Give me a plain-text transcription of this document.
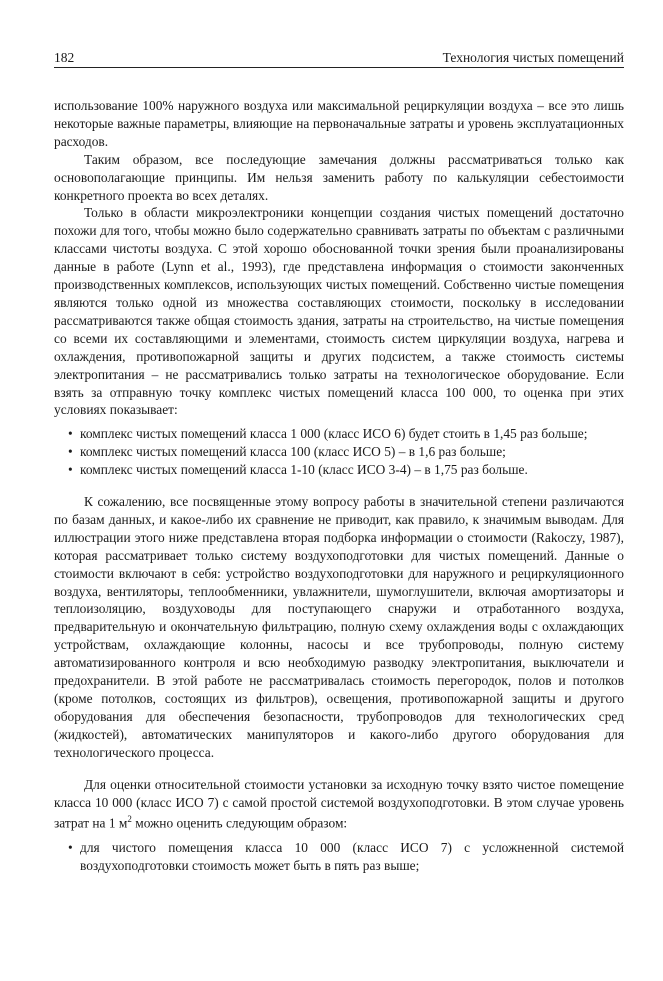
182	Технология чистых помещений

использование 100% наружного воздуха или максимальной рециркуляции воздуха – все это лишь некоторые важные параметры, влияющие на первоначальные затраты и уровень эксплуатационных расходов.

Таким образом, все последующие замечания должны рассматриваться только как основополагающие принципы. Им нельзя заменить работу по калькуляции себестоимости конкретного проекта во всех деталях.

Только в области микроэлектроники концепции создания чистых помещений достаточно похожи для того, чтобы можно было содержательно сравнивать затраты по объектам с различными классами чистоты воздуха. С этой хорошо обоснованной точки зрения были проанализированы данные в работе (Lynn et al., 1993), где представлена информация о стоимости законченных производственных комплексов, использующих чистых помещений. Собственно чистые помещения являются только одной из множества составляющих стоимости, поскольку в исследовании рассматриваются также общая стоимость здания, затраты на строительство, на чистые помещения со всеми их составляющими и элементами, стоимость систем циркуляции воздуха, нагрева и охлаждения, противопожарной защиты и других подсистем, а также стоимость системы электропитания – не рассматривались только затраты на технологическое оборудование. Если взять за отправную точку комплекс чистых помещений класса 100 000, то оценка при этих условиях показывает:

• комплекс чистых помещений класса 1 000 (класс ИСО 6) будет стоить в 1,45 раз больше;
• комплекс чистых помещений класса 100 (класс ИСО 5) – в 1,6 раз больше;
• комплекс чистых помещений класса 1-10 (класс ИСО 3-4) – в 1,75 раз больше.

К сожалению, все посвященные этому вопросу работы в значительной степени различаются по базам данных, и какое-либо их сравнение не приводит, как правило, к значимым выводам. Для иллюстрации этого ниже представлена вторая подборка информации о стоимости (Rakoczy, 1987), которая рассматривает только систему воздухоподготовки для чистых помещений. Данные о стоимости включают в себя: устройство воздухоподготовки для наружного и рециркуляционного воздуха, вентиляторы, теплообменники, увлажнители, шумоглушители, включая амортизаторы и теплоизоляцию, воздуховоды для поступающего снаружи и отработанного воздуха, предварительную и окончательную фильтрацию, полную схему охлаждения воды с охлаждающих устройствам, охлаждающие колонны, насосы и все трубопроводы, полную систему автоматизированного контроля и всю необходимую разводку электропитания, выключатели и предохранители. В этой работе не рассматривалась стоимость перегородок, полов и потолков (кроме потолков, состоящих из фильтров), освещения, противопожарной защиты и другого оборудования для обеспечения безопасности, трубопроводов для технологических сред (жидкостей), автоматических манипуляторов и какого-либо другого оборудования для технологического процесса.

Для оценки относительной стоимости установки за исходную точку взято чистое помещение класса 10 000 (класс ИСО 7) с самой простой системой воздухоподготовки. В этом случае уровень затрат на 1 $м^2$ можно оценить следующим образом:

• для чистого помещения класса 10 000 (класс ИСО 7) с усложненной системой воздухоподготовки стоимость может быть в пять раз выше;
